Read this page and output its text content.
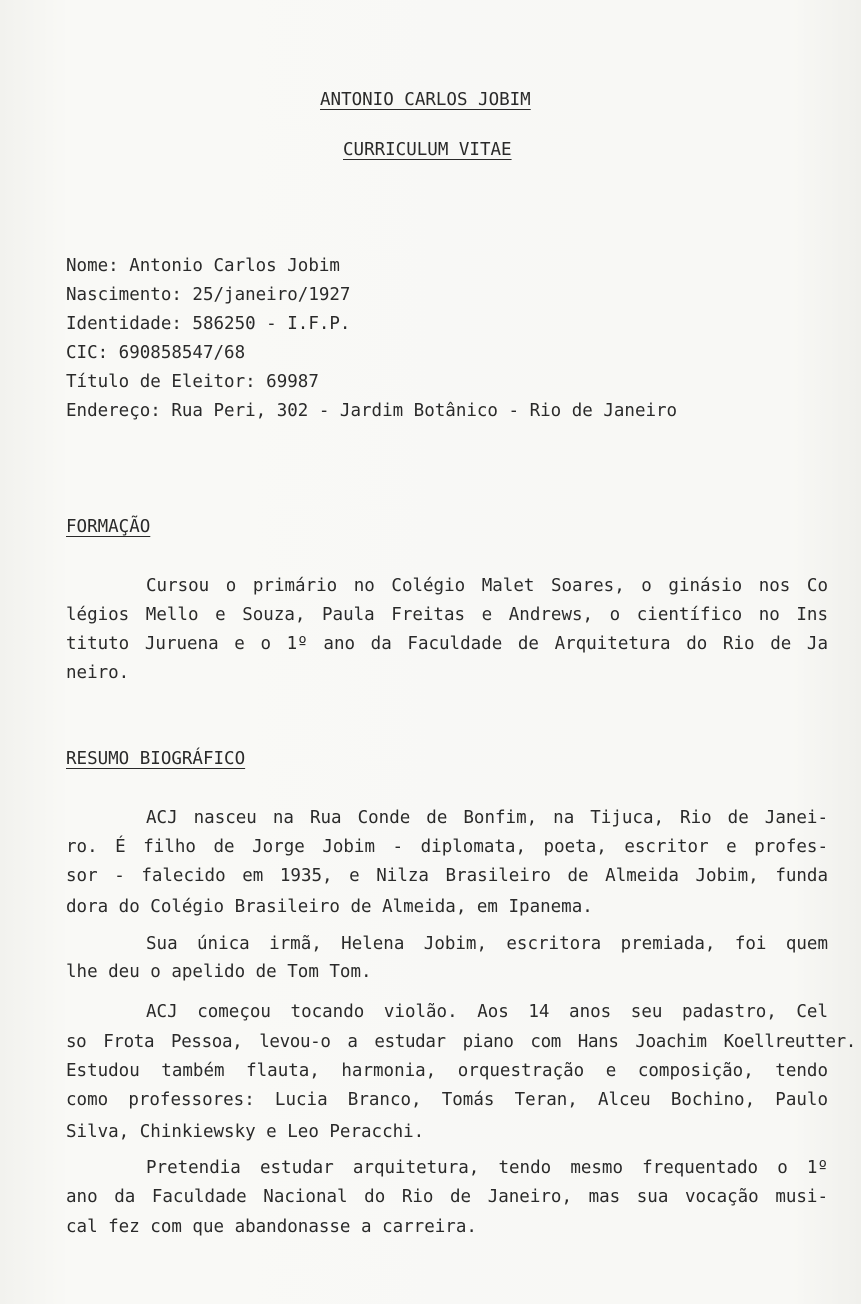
ANTONIO CARLOS JOBIM
CURRICULUM VITAE
Nome: Antonio Carlos Jobim
Nascimento: 25/janeiro/1927
Identidade: 586250 - I.F.P.
CIC: 690858547/68
Título de Eleitor: 69987
Endereço: Rua Peri, 302 - Jardim Botânico - Rio de Janeiro
FORMAÇÃO
Cursou o primário no Colégio Malet Soares, o ginásio nos Co
légios Mello e Souza, Paula Freitas e Andrews, o científico no Ins
tituto Juruena e o 1º ano da Faculdade de Arquitetura do Rio de Ja
neiro.
RESUMO BIOGRÁFICO
ACJ nasceu na Rua Conde de Bonfim, na Tijuca, Rio de Janei-
ro. É filho de Jorge Jobim - diplomata, poeta, escritor e profes-
sor - falecido em 1935, e Nilza Brasileiro de Almeida Jobim, funda
dora do Colégio Brasileiro de Almeida, em Ipanema.
Sua única irmã, Helena Jobim, escritora premiada, foi quem
lhe deu o apelido de Tom Tom.
ACJ começou tocando violão. Aos 14 anos seu padastro, Cel
so Frota Pessoa, levou-o a estudar piano com Hans Joachim Koellreutter.
Estudou também flauta, harmonia, orquestração e composição, tendo
como professores: Lucia Branco, Tomás Teran, Alceu Bochino, Paulo
Silva, Chinkiewsky e Leo Peracchi.
Pretendia estudar arquitetura, tendo mesmo frequentado o 1º
ano da Faculdade Nacional do Rio de Janeiro, mas sua vocação musi-
cal fez com que abandonasse a carreira.
